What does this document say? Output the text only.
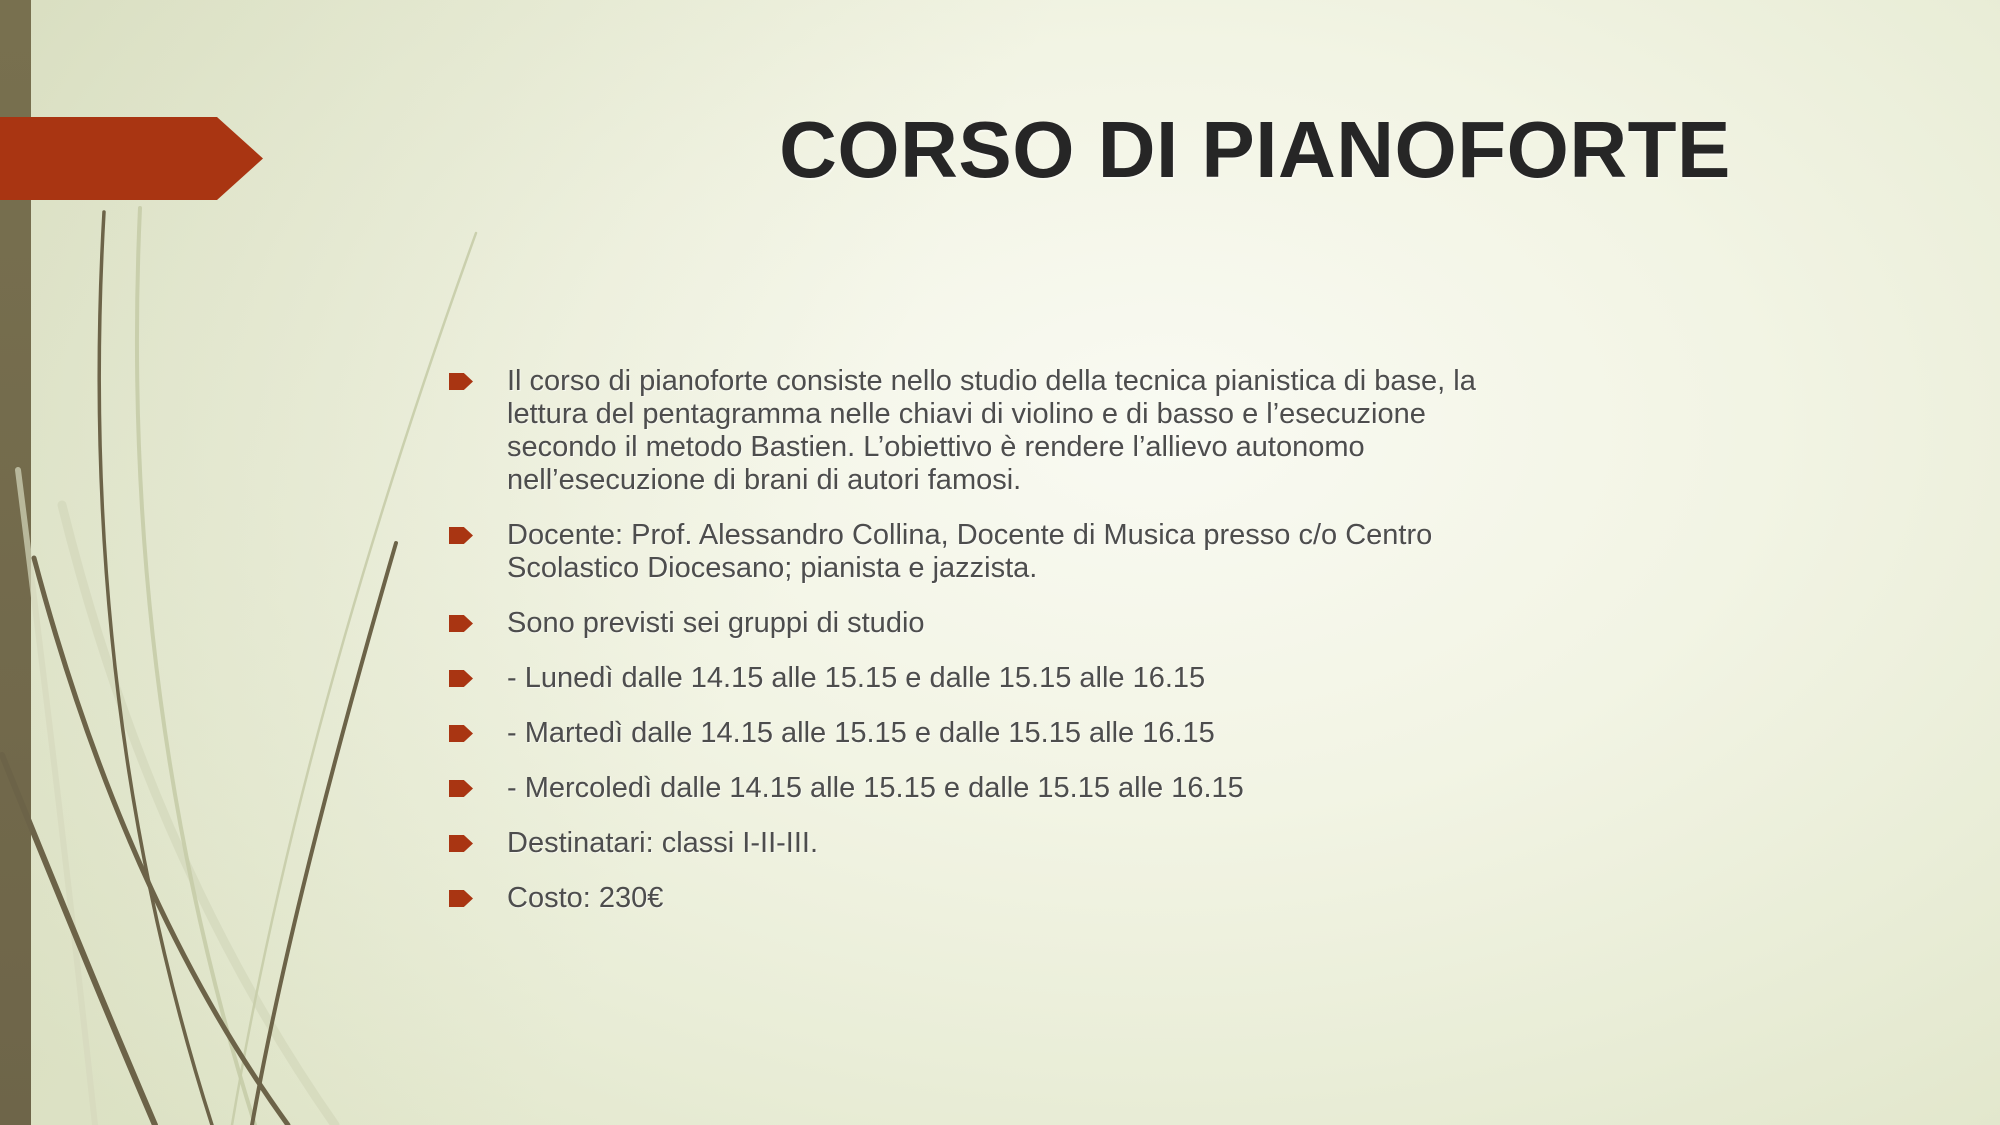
CORSO DI PIANOFORTE
Il corso di pianoforte consiste nello studio della tecnica pianistica di base, la
lettura del pentagramma nelle chiavi di violino e di basso e l’esecuzione
secondo il metodo Bastien. L’obiettivo è rendere l’allievo autonomo
nell’esecuzione di brani di autori famosi.
Docente: Prof. Alessandro Collina, Docente di Musica presso c/o Centro
Scolastico Diocesano; pianista e jazzista.
Sono previsti sei gruppi di studio
- Lunedì dalle 14.15 alle 15.15 e dalle 15.15 alle 16.15
- Martedì dalle 14.15 alle 15.15 e dalle 15.15 alle 16.15
- Mercoledì dalle 14.15 alle 15.15 e dalle 15.15 alle 16.15
Destinatari: classi I-II-III.
Costo: 230€
